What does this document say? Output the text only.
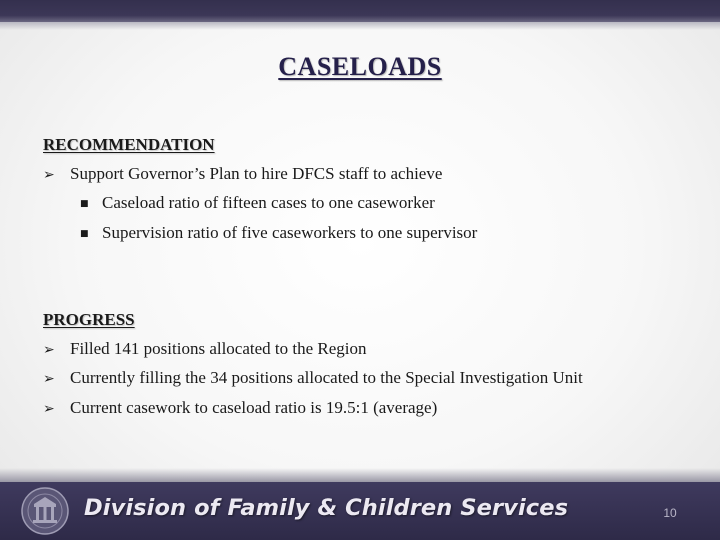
CASELOADS
RECOMMENDATION
➢ Support Governor’s Plan to hire DFCS staff to achieve
■ Caseload ratio of fifteen cases to one caseworker
■ Supervision ratio of five caseworkers to one supervisor
PROGRESS
➢ Filled 141 positions allocated to the Region
➢ Currently filling the 34 positions allocated to the Special Investigation Unit
➢ Current casework to caseload ratio is 19.5:1 (average)
Division of Family & Children Services	10
